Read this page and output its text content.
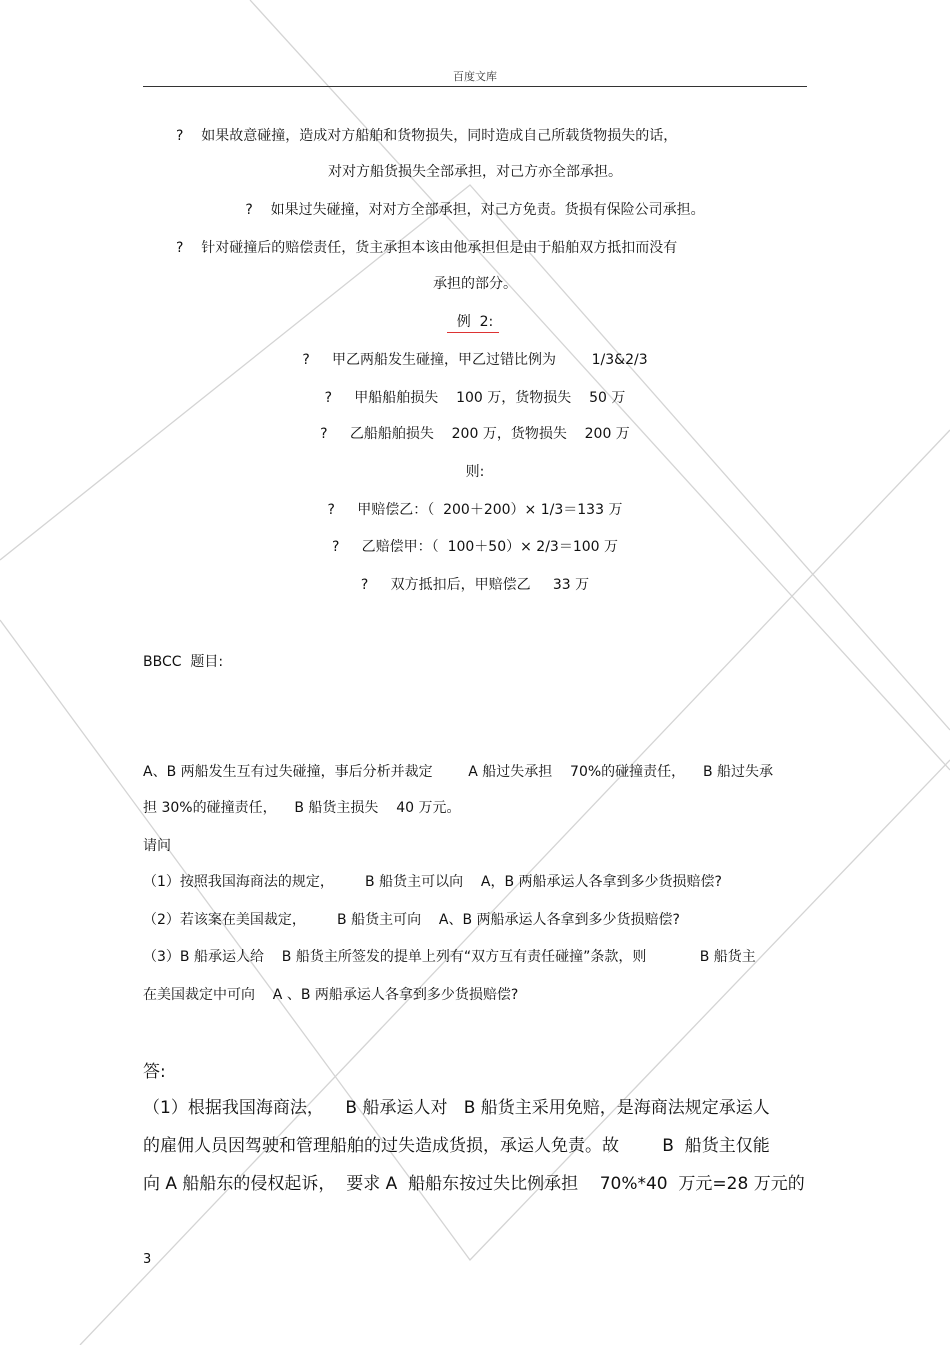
百度文库
?    如果故意碰撞，造成对方船舶和货物损失，同时造成自己所载货物损失的话，
对对方船货损失全部承担，对己方亦全部承担。
?    如果过失碰撞，对对方全部承担，对己方免责。货损有保险公司承担。
?    针对碰撞后的赔偿责任，货主承担本该由他承担但是由于船舶双方抵扣而没有
承担的部分。
例  2:
?     甲乙两船发生碰撞，甲乙过错比例为        1/3&2/3
?     甲船船舶损失    100 万，货物损失    50 万
?     乙船船舶损失    200 万，货物损失    200 万
则:
?     甲赔偿乙：（  200＋200）× 1/3＝133 万
?     乙赔偿甲：（  100＋50）× 2/3＝100 万
?     双方抵扣后，甲赔偿乙     33 万
BBCC  题目:
A、B 两船发生互有过失碰撞，事后分析并裁定        A 船过失承担    70%的碰撞责任，    B 船过失承
担 30%的碰撞责任，    B 船货主损失    40 万元。
请问
（1）按照我国海商法的规定，       B 船货主可以向    A，B 两船承运人各拿到多少货损赔偿?
（2）若该案在美国裁定，       B 船货主可向    A、B 两船承运人各拿到多少货损赔偿?
（3）B 船承运人给    B 船货主所签发的提单上列有“双方互有责任碰撞”条款，则            B 船货主
在美国裁定中可向    A 、B 两船承运人各拿到多少货损赔偿?
答:
（1）根据我国海商法，    B 船承运人对   B 船货主采用免赔，是海商法规定承运人
的雇佣人员因驾驶和管理船舶的过失造成货损，承运人免责。故        B  船货主仅能
向 A 船船东的侵权起诉，  要求 A  船船东按过失比例承担    70%*40  万元=28 万元的
3
